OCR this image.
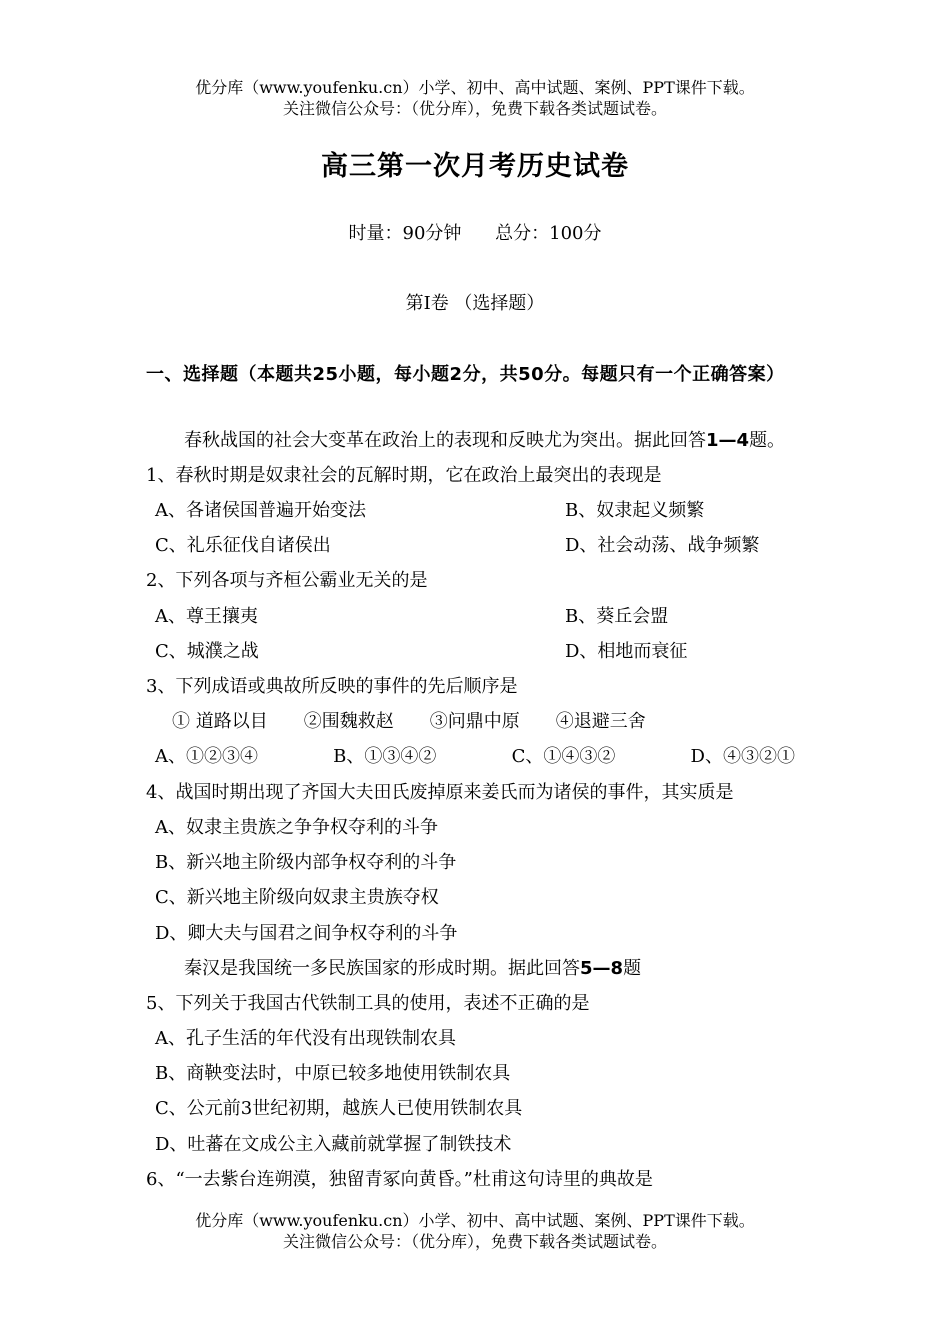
优分库（www.youfenku.cn）小学、初中、高中试题、案例、PPT课件下载。
关注微信公众号：（优分库），免费下载各类试题试卷。
高三第一次月考历史试卷
时量：90分钟 总分：100分
第Ⅰ卷 （选择题）
一、选择题（本题共25小题，每小题2分，共50分。每题只有一个正确答案）
春秋战国的社会大变革在政治上的表现和反映尤为突出。据此回答1—4题。
1、春秋时期是奴隶社会的瓦解时期，它在政治上最突出的表现是
A、各诸侯国普遍开始变法	B、奴隶起义频繁
C、礼乐征伐自诸侯出	D、社会动荡、战争频繁
2、下列各项与齐桓公霸业无关的是
A、尊王攘夷	B、葵丘会盟
C、城濮之战	D、相地而衰征
3、下列成语或典故所反映的事件的先后顺序是
① 道路以目　　②围魏救赵　　③问鼎中原　　④退避三舍
A、①②③④	B、①③④②	C、①④③②	D、④③②①
4、战国时期出现了齐国大夫田氏废掉原来姜氏而为诸侯的事件，其实质是
A、奴隶主贵族之争争权夺利的斗争
B、新兴地主阶级内部争权夺利的斗争
C、新兴地主阶级向奴隶主贵族夺权
D、卿大夫与国君之间争权夺利的斗争
秦汉是我国统一多民族国家的形成时期。据此回答5—8题
5、下列关于我国古代铁制工具的使用，表述不正确的是
A、孔子生活的年代没有出现铁制农具
B、商鞅变法时，中原已较多地使用铁制农具
C、公元前3世纪初期，越族人已使用铁制农具
D、吐蕃在文成公主入藏前就掌握了制铁技术
6、“一去紫台连朔漠，独留青冢向黄昏。”杜甫这句诗里的典故是
优分库（www.youfenku.cn）小学、初中、高中试题、案例、PPT课件下载。
关注微信公众号：（优分库），免费下载各类试题试卷。
